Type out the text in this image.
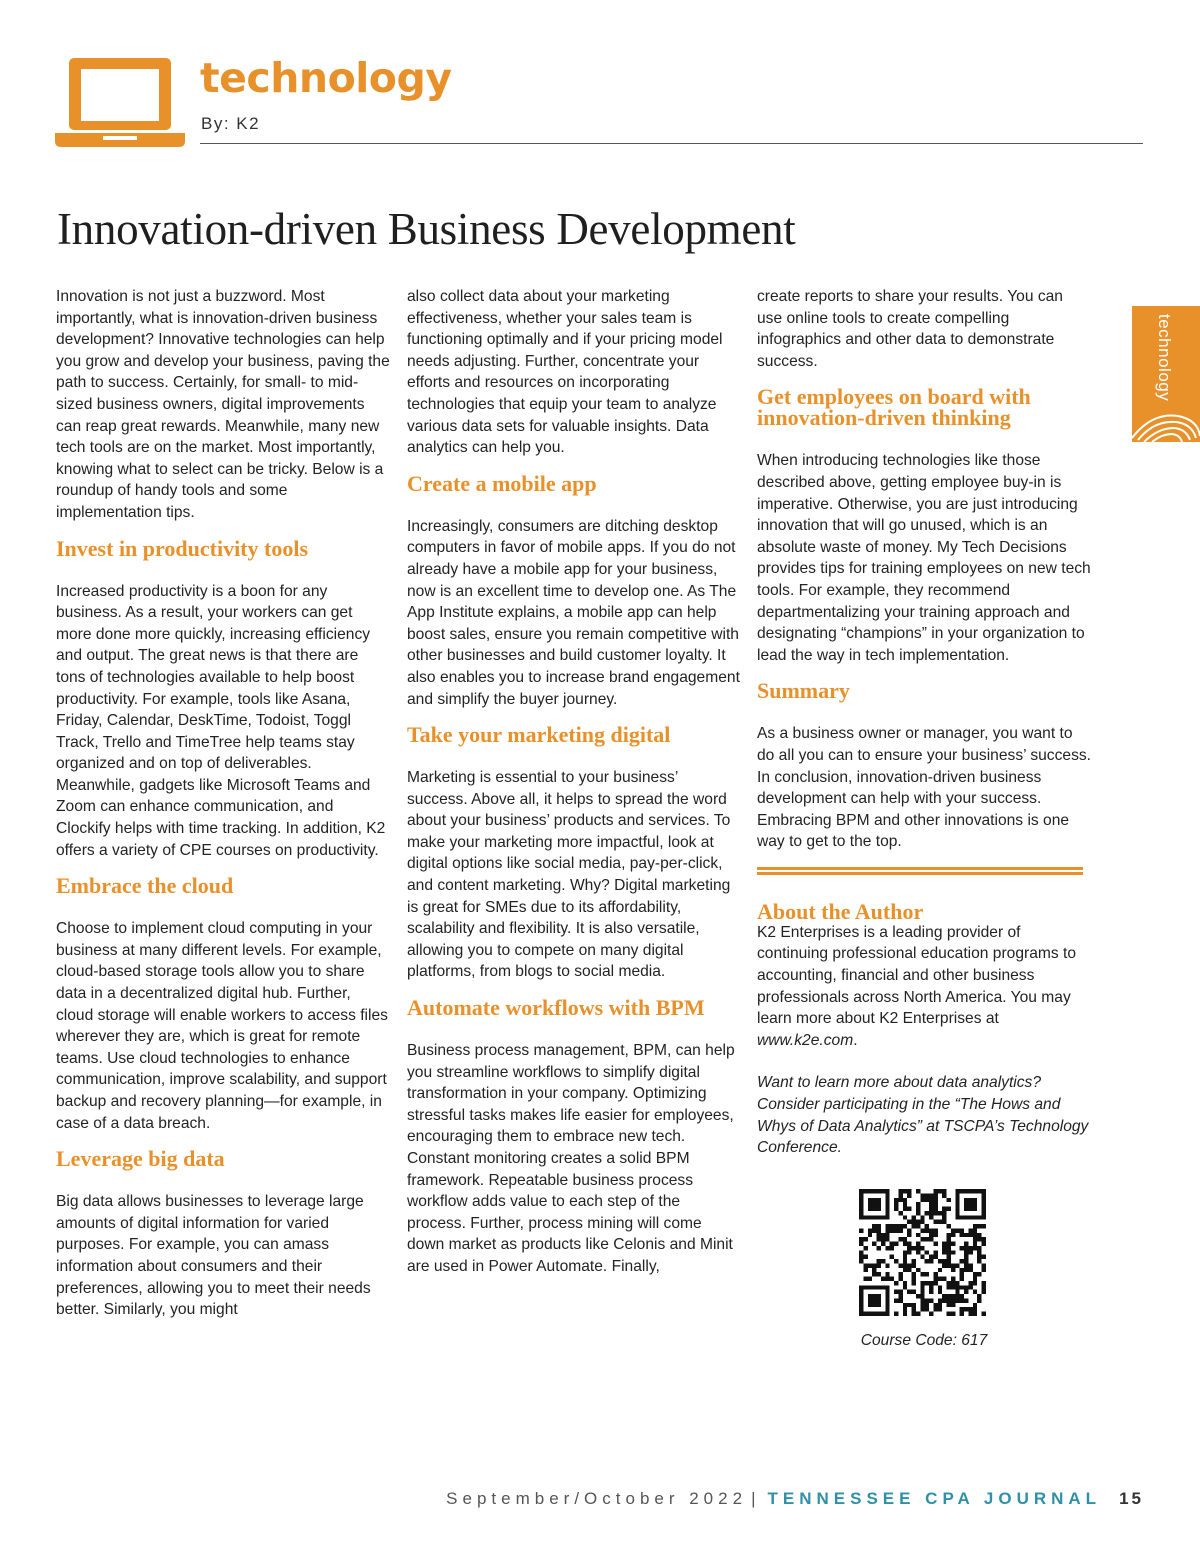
technology
By: K2
Innovation-driven Business Development

Innovation is not just a buzzword. Most importantly, what is innovation-driven business development? Innovative technologies can help you grow and develop your business, paving the path to success. Certainly, for small- to mid-sized business owners, digital improvements can reap great rewards. Meanwhile, many new tech tools are on the market. Most importantly, knowing what to select can be tricky. Below is a roundup of handy tools and some implementation tips.

Invest in productivity tools

Increased productivity is a boon for any business. As a result, your workers can get more done more quickly, increasing efficiency and output. The great news is that there are tons of technologies available to help boost productivity. For example, tools like Asana, Friday, Calendar, DeskTime, Todoist, Toggl Track, Trello and TimeTree help teams stay organized and on top of deliverables. Meanwhile, gadgets like Microsoft Teams and Zoom can enhance communication, and Clockify helps with time tracking. In addition, K2 offers a variety of CPE courses on productivity.

Embrace the cloud

Choose to implement cloud computing in your business at many different levels. For example, cloud-based storage tools allow you to share data in a decentralized digital hub. Further, cloud storage will enable workers to access files wherever they are, which is great for remote teams. Use cloud technologies to enhance communication, improve scalability, and support backup and recovery planning—for example, in case of a data breach.

Leverage big data

Big data allows businesses to leverage large amounts of digital information for varied purposes. For example, you can amass information about consumers and their preferences, allowing you to meet their needs better. Similarly, you might

also collect data about your marketing effectiveness, whether your sales team is functioning optimally and if your pricing model needs adjusting. Further, concentrate your efforts and resources on incorporating technologies that equip your team to analyze various data sets for valuable insights. Data analytics can help you.

Create a mobile app

Increasingly, consumers are ditching desktop computers in favor of mobile apps. If you do not already have a mobile app for your business, now is an excellent time to develop one. As The App Institute explains, a mobile app can help boost sales, ensure you remain competitive with other businesses and build customer loyalty. It also enables you to increase brand engagement and simplify the buyer journey.

Take your marketing digital

Marketing is essential to your business’ success. Above all, it helps to spread the word about your business’ products and services. To make your marketing more impactful, look at digital options like social media, pay-per-click, and content marketing. Why? Digital marketing is great for SMEs due to its affordability, scalability and flexibility. It is also versatile, allowing you to compete on many digital platforms, from blogs to social media.

Automate workflows with BPM

Business process management, BPM, can help you streamline workflows to simplify digital transformation in your company. Optimizing stressful tasks makes life easier for employees, encouraging them to embrace new tech. Constant monitoring creates a solid BPM framework. Repeatable business process workflow adds value to each step of the process. Further, process mining will come down market as products like Celonis and Minit are used in Power Automate. Finally,

create reports to share your results. You can use online tools to create compelling infographics and other data to demonstrate success.

Get employees on board with innovation-driven thinking

When introducing technologies like those described above, getting employee buy-in is imperative. Otherwise, you are just introducing innovation that will go unused, which is an absolute waste of money. My Tech Decisions provides tips for training employees on new tech tools. For example, they recommend departmentalizing your training approach and designating “champions” in your organization to lead the way in tech implementation.

Summary

As a business owner or manager, you want to do all you can to ensure your business’ success. In conclusion, innovation-driven business development can help with your success. Embracing BPM and other innovations is one way to get to the top.

About the Author

K2 Enterprises is a leading provider of continuing professional education programs to accounting, financial and other business professionals across North America. You may learn more about K2 Enterprises at www.k2e.com.

Want to learn more about data analytics? Consider participating in the “The Hows and Whys of Data Analytics” at TSCPA’s Technology Conference.

Course Code: 617
technology
September/October 2022 | TENNESSEE CPA JOURNAL 15
